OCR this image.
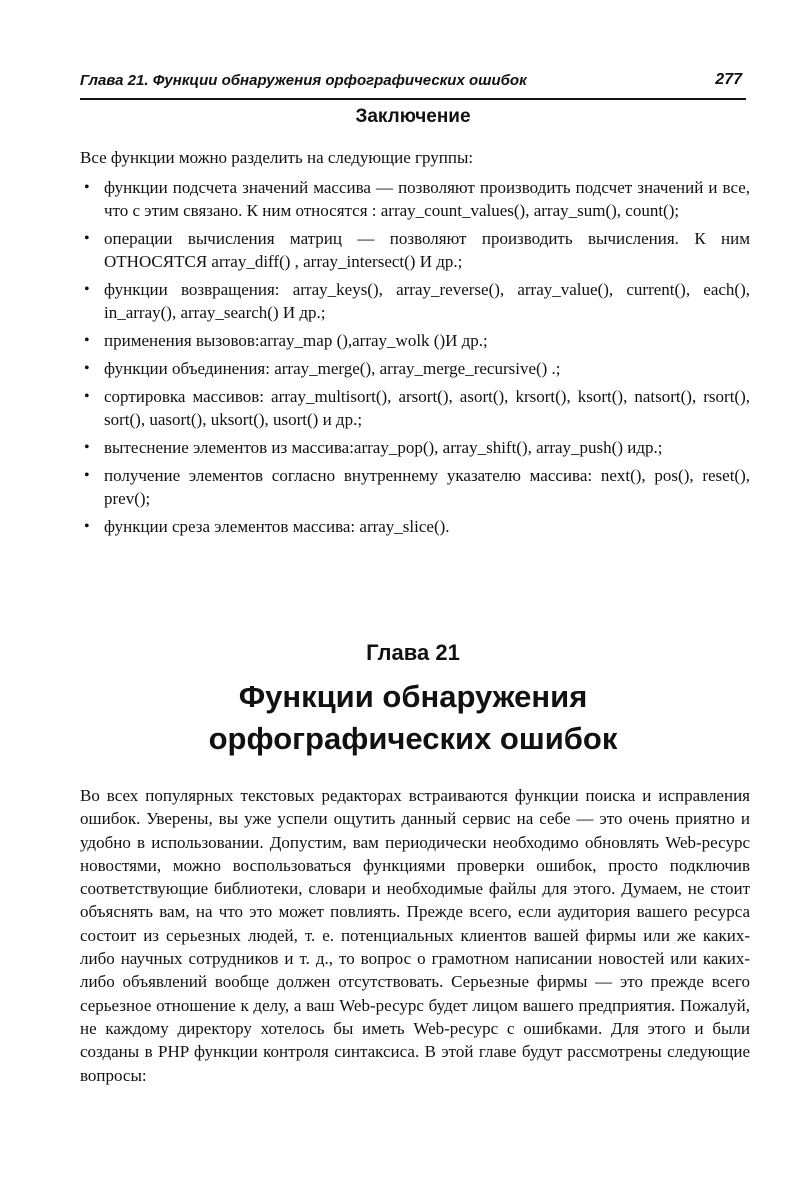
Глава 21. Функции обнаружения орфографических ошибок	277
Заключение
Все функции можно разделить на следующие группы:
• функции подсчета значений массива — позволяют производить подсчет значений и все, что с этим связано. К ним относятся : array_count_values(), array_sum(), count();
• операции вычисления матриц — позволяют производить вычисления. К ним ОТНОСЯТСЯ array_diff() , array_intersect() И др.;
• функции возвращения: array_keys(), array_reverse(), array_value(), current(), each(), in_array(), array_search() И др.;
• применения вызовов:array_map (),array_wolk ()И др.;
• функции объединения: array_merge(), array_merge_recursive() .;
• сортировка массивов: array_multisort(), arsort(), asort(), krsort(), ksort(), natsort(), rsort(), sort(), uasort(), uksort(), usort() и др.;
• вытеснение элементов из массива:array_pop(), array_shift(), array_push() идр.;
• получение элементов согласно внутреннему указателю массива: next(), pos(), reset(), prev();
• функции среза элементов массива: array_slice().
Глава 21
Функции обнаружения
орфографических ошибок
Во всех популярных текстовых редакторах встраиваются функции поиска и исправления ошибок. Уверены, вы уже успели ощутить данный сервис на себе — это очень приятно и удобно в использовании. Допустим, вам периодически необходимо обновлять Web-ресурс новостями, можно воспользоваться функциями проверки ошибок, просто подключив соответствующие библиотеки, словари и необходимые файлы для этого. Думаем, не стоит объяснять вам, на что это может повлиять. Прежде всего, если аудитория вашего ресурса состоит из серьезных людей, т. е. потенциальных клиентов вашей фирмы или же каких-либо научных сотрудников и т. д., то вопрос о грамотном написании новостей или каких-либо объявлений вообще должен отсутствовать. Серьезные фирмы — это прежде всего серьезное отношение к делу, а ваш Web-ресурс будет лицом вашего предприятия. Пожалуй, не каждому директору хотелось бы иметь Web-ресурс с ошибками. Для этого и были созданы в PHP функции контроля синтаксиса. В этой главе будут рассмотрены следующие вопросы:
